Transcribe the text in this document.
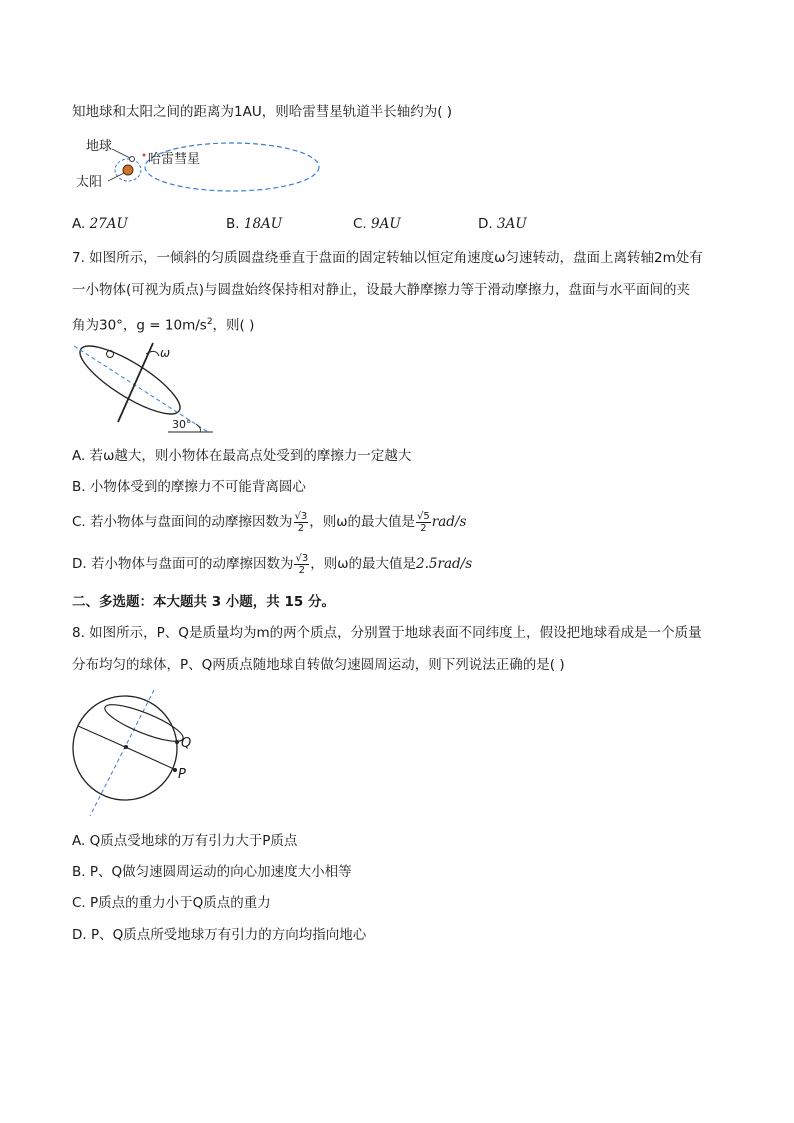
知地球和太阳之间的距离为1AU，则哈雷彗星轨道半长轴约为( )
地球
太阳
哈雷彗星
A. 27AU	B. 18AU	C. 9AU	D. 3AU
7. 如图所示，一倾斜的匀质圆盘绕垂直于盘面的固定转轴以恒定角速度ω匀速转动，盘面上离转轴2m处有
一小物体(可视为质点)与圆盘始终保持相对静止，设最大静摩擦力等于滑动摩擦力，盘面与水平面间的夹
角为30°，$g = 10m/s^2$，则( )
ω
30°
A. 若ω越大，则小物体在最高点处受到的摩擦力一定越大
B. 小物体受到的摩擦力不可能背离圆心
C. 若小物体与盘面间的动摩擦因数为 $\frac{√3}{2}$ ，则ω的最大值是 $\frac{√5}{2} rad/s$
D. 若小物体与盘面可的动摩擦因数为 $\frac{√3}{2}$ ，则ω的最大值是2.5rad/s
二、多选题：本大题共 3 小题，共 15 分。
8. 如图所示，P、Q是质量均为m的两个质点，分别置于地球表面不同纬度上，假设把地球看成是一个质量
分布均匀的球体，P、Q两质点随地球自转做匀速圆周运动，则下列说法正确的是( )
Q
P
A. Q质点受地球的万有引力大于P质点
B. P、Q做匀速圆周运动的向心加速度大小相等
C. P质点的重力小于Q质点的重力
D. P、Q质点所受地球万有引力的方向均指向地心
